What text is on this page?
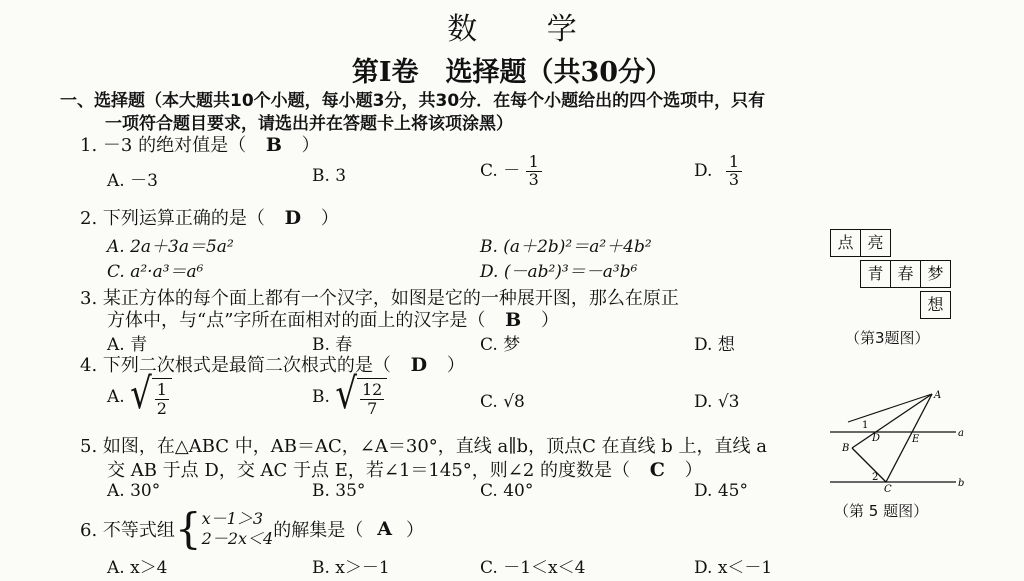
数 学
第Ⅰ卷　选择题（共30分）
一、选择题（本大题共10个小题，每小题3分，共30分．在每个小题给出的四个选项中，只有
一项符合题目要求，请选出并在答题卡上将该项涂黑）
1. －3 的绝对值是（ B ）
A. －3	B. 3	C. － $\frac{1}{3}$	D. $\frac{1}{3}$
2. 下列运算正确的是（ D ）
A. 2a＋3a＝5a²	B. (a＋2b)²＝a²＋4b²
C. a²·a³＝a⁶	D. (－ab²)³＝－a³b⁶
3. 某正方体的每个面上都有一个汉字，如图是它的一种展开图，那么在原正
方体中，与“点”字所在面相对的面上的汉字是（ B ）
A. 青	B. 春	C. 梦	D. 想
点 亮
青 春 梦
想
（第3题图）
4. 下列二次根式是最简二次根式的是（ D ）
A. √ $\frac{1}{2}$	B. √ $\frac{12}{7}$	C. √8	D. √3
5. 如图，在△ABC 中，AB＝AC，∠A＝30°，直线 a∥b，顶点C 在直线 b 上，直线 a
交 AB 于点 D，交 AC 于点 E，若∠1＝145°，则∠2 的度数是（ C ）
A. 30°	B. 35°	C. 40°	D. 45°
A
B
C
D	E
a
b
1
2
（第 5 题图）
6. 不等式组 { x－1＞3
2－2x＜4 的解集是（ A ）
A. x＞4	B. x＞－1	C. －1＜x＜4	D. x＜－1
